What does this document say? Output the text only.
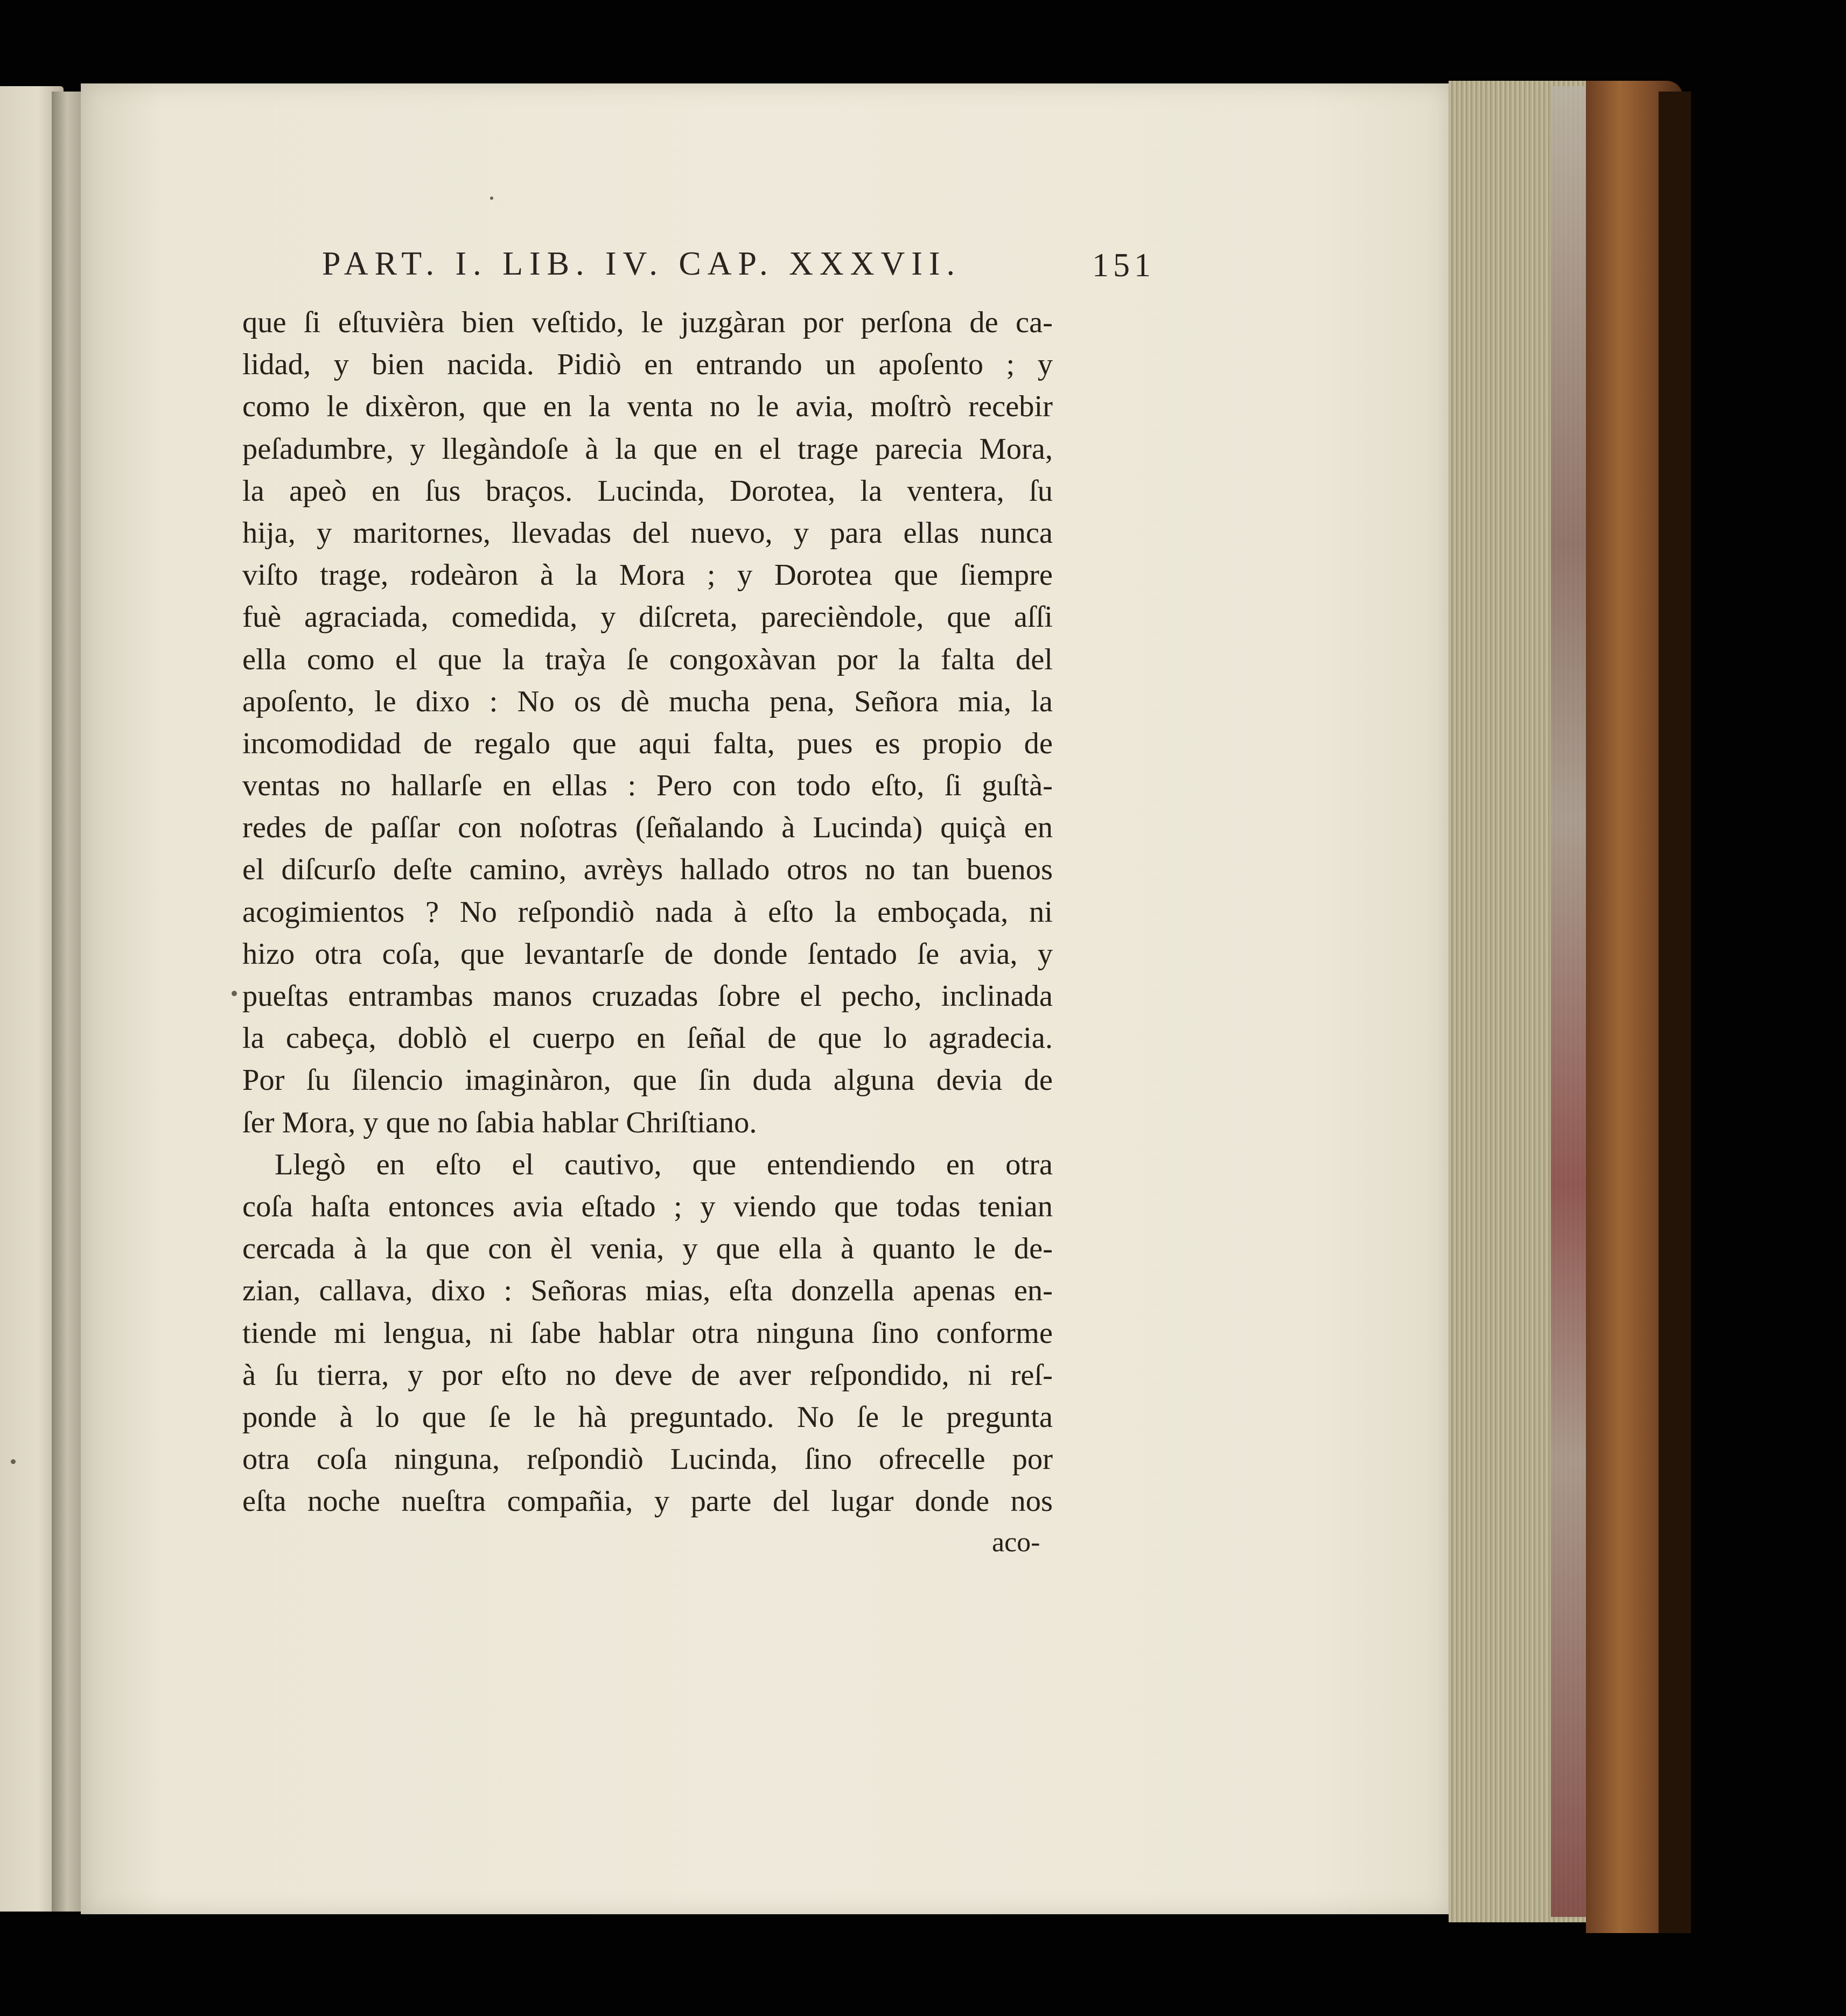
PART. I. LIB. IV. CAP. XXXVII.	151
que ſi eſtuvièra bien veſtido, le juzgàran por perſona de ca-
lidad, y bien nacida. Pidiò en entrando un apoſento ; y
como le dixèron, que en la venta no le avia, moſtrò recebir
peſadumbre, y llegàndoſe à la que en el trage parecia Mora,
la apeò en ſus braços. Lucinda, Dorotea, la ventera, ſu
hija, y maritornes, llevadas del nuevo, y para ellas nunca
viſto trage, rodeàron à la Mora ; y Dorotea que ſiempre
fuè agraciada, comedida, y diſcreta, parecièndole, que aſſi
ella como el que la traỳa ſe congoxàvan por la falta del
apoſento, le dixo : No os dè mucha pena, Señora mia, la
incomodidad de regalo que aqui falta, pues es propio de
ventas no hallarſe en ellas : Pero con todo eſto, ſi guſtà-
redes de paſſar con noſotras (ſeñalando à Lucinda) quiçà en
el diſcurſo deſte camino, avrèys hallado otros no tan buenos
acogimientos ? No reſpondiò nada à eſto la emboçada, ni
hizo otra coſa, que levantarſe de donde ſentado ſe avia, y
pueſtas entrambas manos cruzadas ſobre el pecho, inclinada
la cabeça, doblò el cuerpo en ſeñal de que lo agradecia.
Por ſu ſilencio imaginàron, que ſin duda alguna devia de
ſer Mora, y que no ſabia hablar Chriſtiano.
Llegò en eſto el cautivo, que entendiendo en otra
coſa haſta entonces avia eſtado ; y viendo que todas tenian
cercada à la que con èl venia, y que ella à quanto le de-
zian, callava, dixo : Señoras mias, eſta donzella apenas en-
tiende mi lengua, ni ſabe hablar otra ninguna ſino conforme
à ſu tierra, y por eſto no deve de aver reſpondido, ni reſ-
ponde à lo que ſe le hà preguntado. No ſe le pregunta
otra coſa ninguna, reſpondiò Lucinda, ſino ofrecelle por
eſta noche nueſtra compañia, y parte del lugar donde nos
aco-
